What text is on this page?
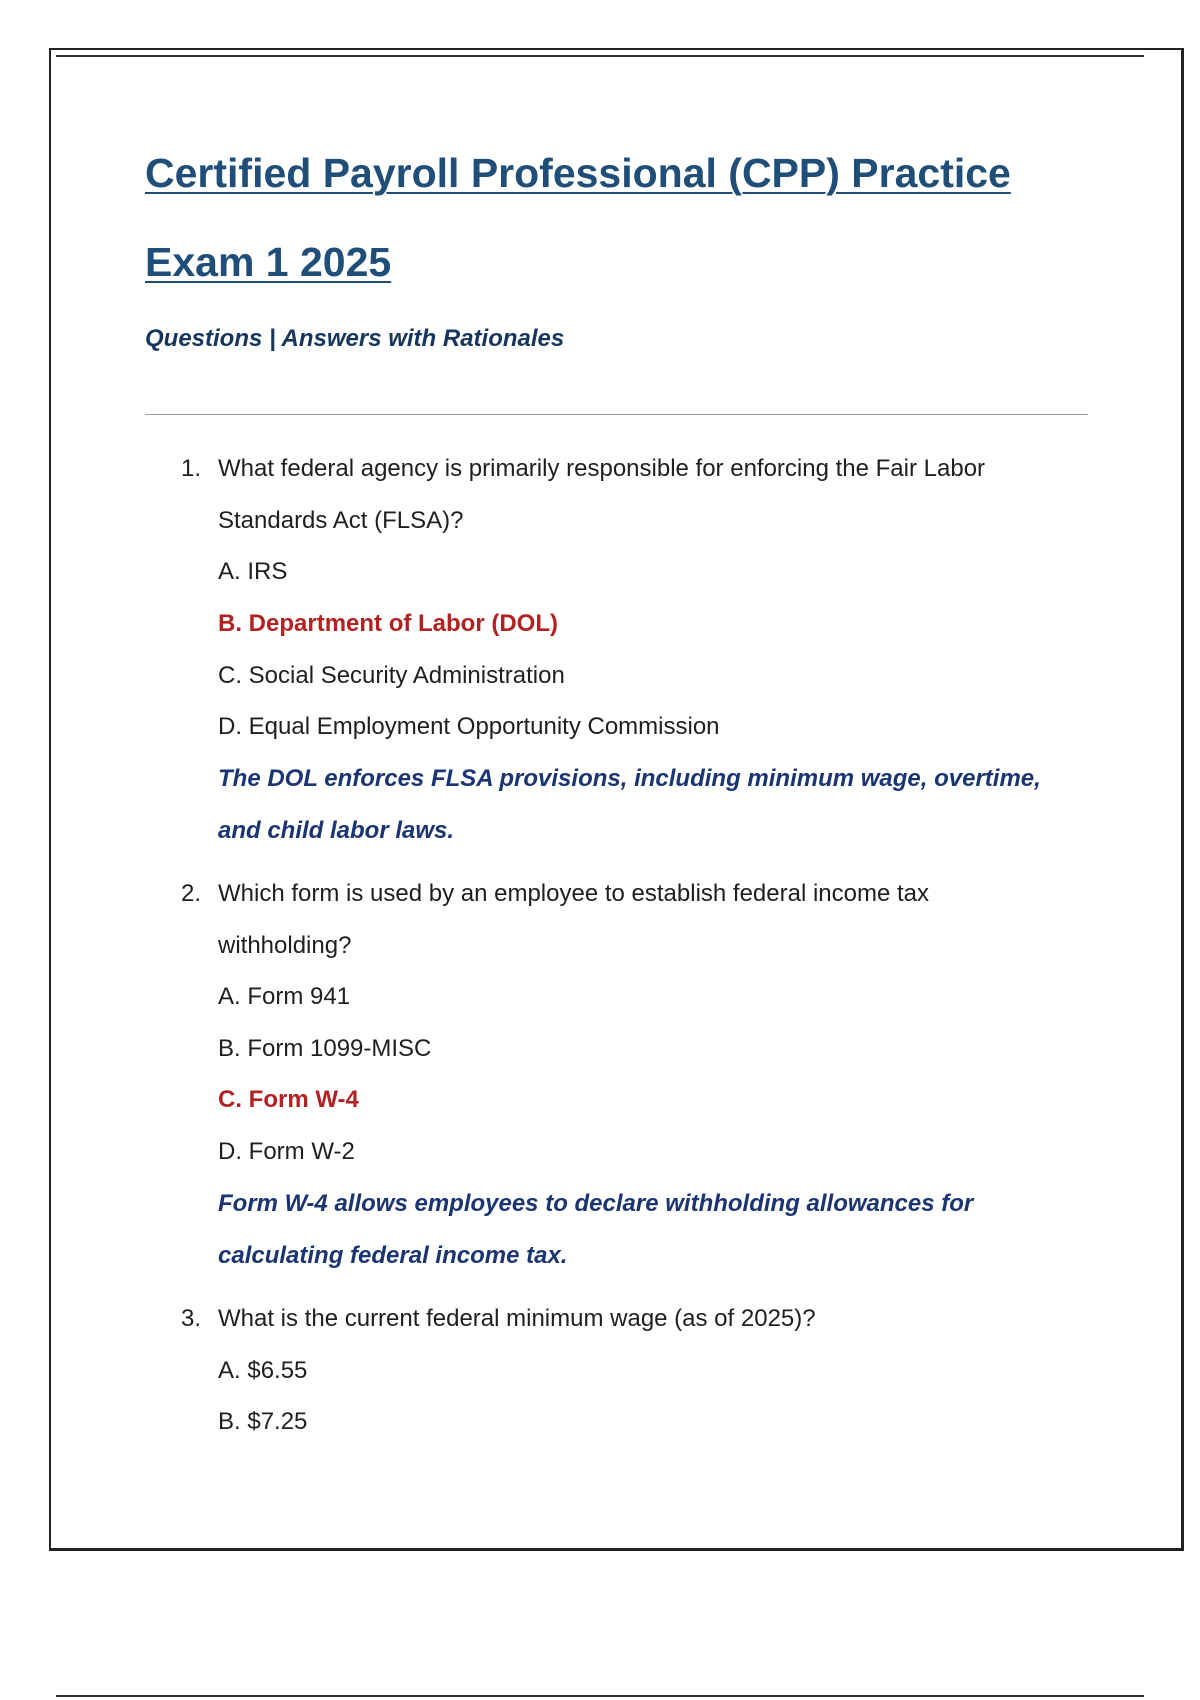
Certified Payroll Professional (CPP) Practice
Exam 1 2025
Questions | Answers with Rationales
1. What federal agency is primarily responsible for enforcing the Fair Labor
Standards Act (FLSA)?
A. IRS
B. Department of Labor (DOL)
C. Social Security Administration
D. Equal Employment Opportunity Commission
The DOL enforces FLSA provisions, including minimum wage, overtime,
and child labor laws.
2. Which form is used by an employee to establish federal income tax
withholding?
A. Form 941
B. Form 1099-MISC
C. Form W-4
D. Form W-2
Form W-4 allows employees to declare withholding allowances for
calculating federal income tax.
3. What is the current federal minimum wage (as of 2025)?
A. $6.55
B. $7.25
